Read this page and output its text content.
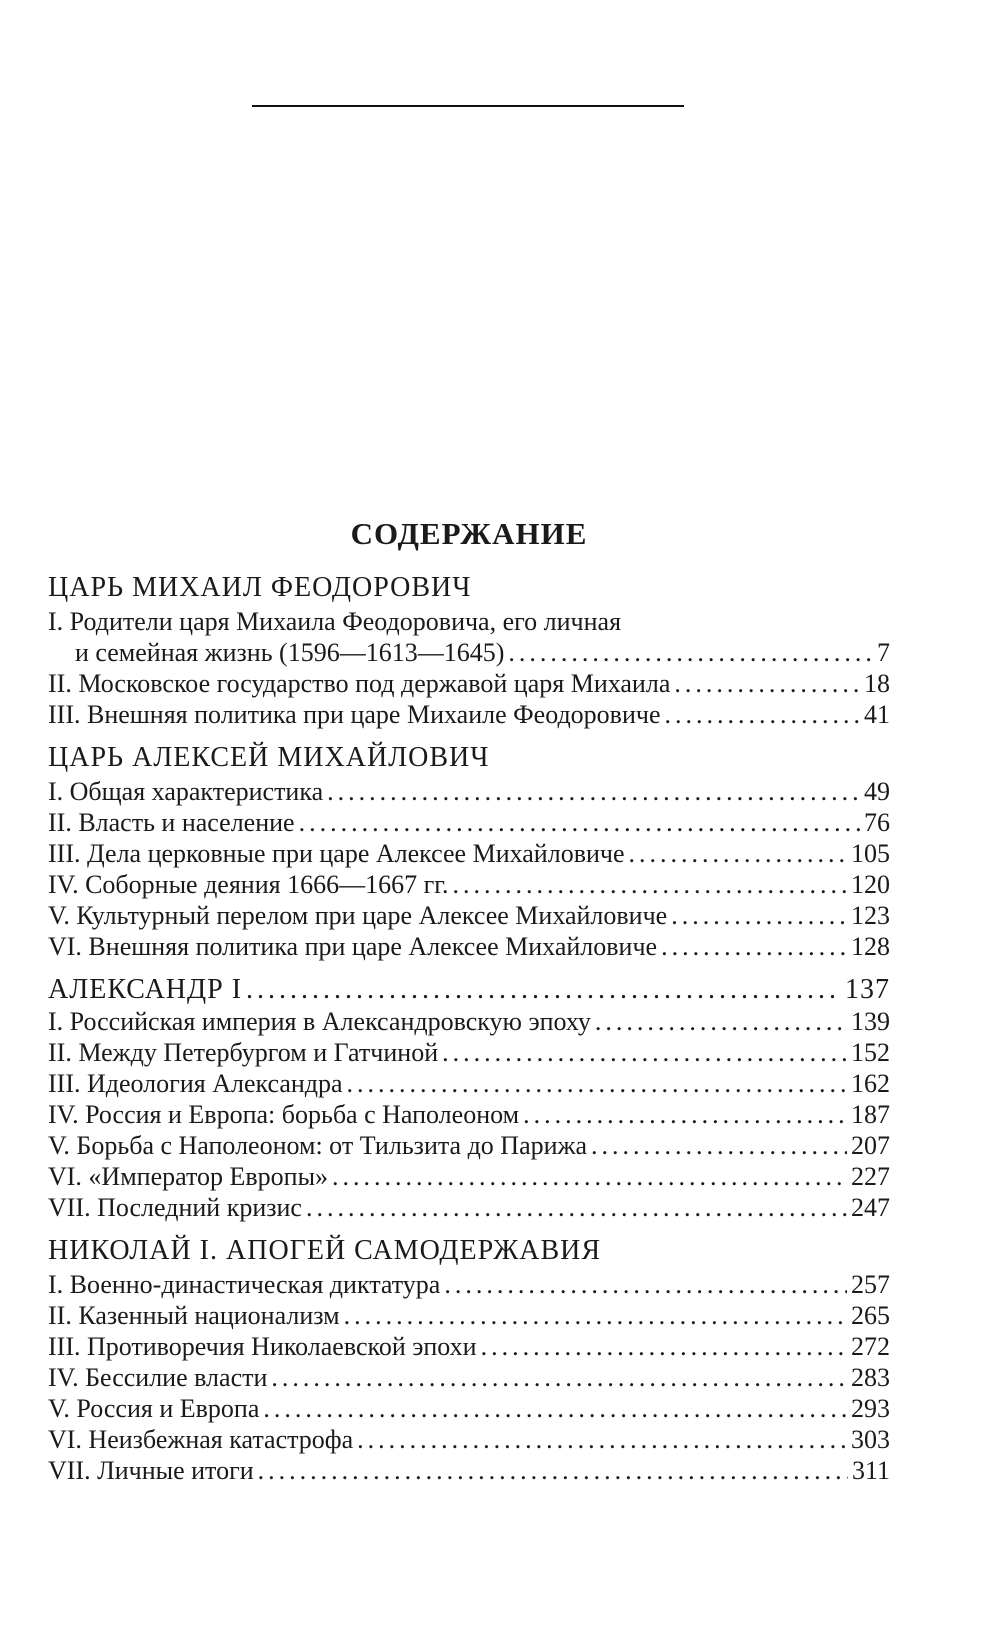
СОДЕРЖАНИЕ
ЦАРЬ МИХАИЛ ФЕОДОРОВИЧ
I. Родители царя Михаила Феодоровича, его личная
и семейная жизнь (1596—1613—1645) .....	7
II. Московское государство под державой царя Михаила .....	18
III. Внешняя политика при царе Михаиле Феодоровиче .....	41
ЦАРЬ АЛЕКСЕЙ МИХАЙЛОВИЧ
I. Общая характеристика .....	49
II. Власть и население .....	76
III. Дела церковные при царе Алексее Михайловиче .....	105
IV. Соборные деяния 1666—1667 гг. .....	120
V. Культурный перелом при царе Алексее Михайловиче .....	123
VI. Внешняя политика при царе Алексее Михайловиче .....	128
АЛЕКСАНДР I .....	137
I. Российская империя в Александровскую эпоху .....	139
II. Между Петербургом и Гатчиной .....	152
III. Идеология Александра .....	162
IV. Россия и Европа: борьба с Наполеоном .....	187
V. Борьба с Наполеоном: от Тильзита до Парижа .....	207
VI. «Император Европы» .....	227
VII. Последний кризис .....	247
НИКОЛАЙ I. АПОГЕЙ САМОДЕРЖАВИЯ
I. Военно-династическая диктатура .....	257
II. Казенный национализм .....	265
III. Противоречия Николаевской эпохи .....	272
IV. Бессилие власти .....	283
V. Россия и Европа .....	293
VI. Неизбежная катастрофа .....	303
VII. Личные итоги .....	311
